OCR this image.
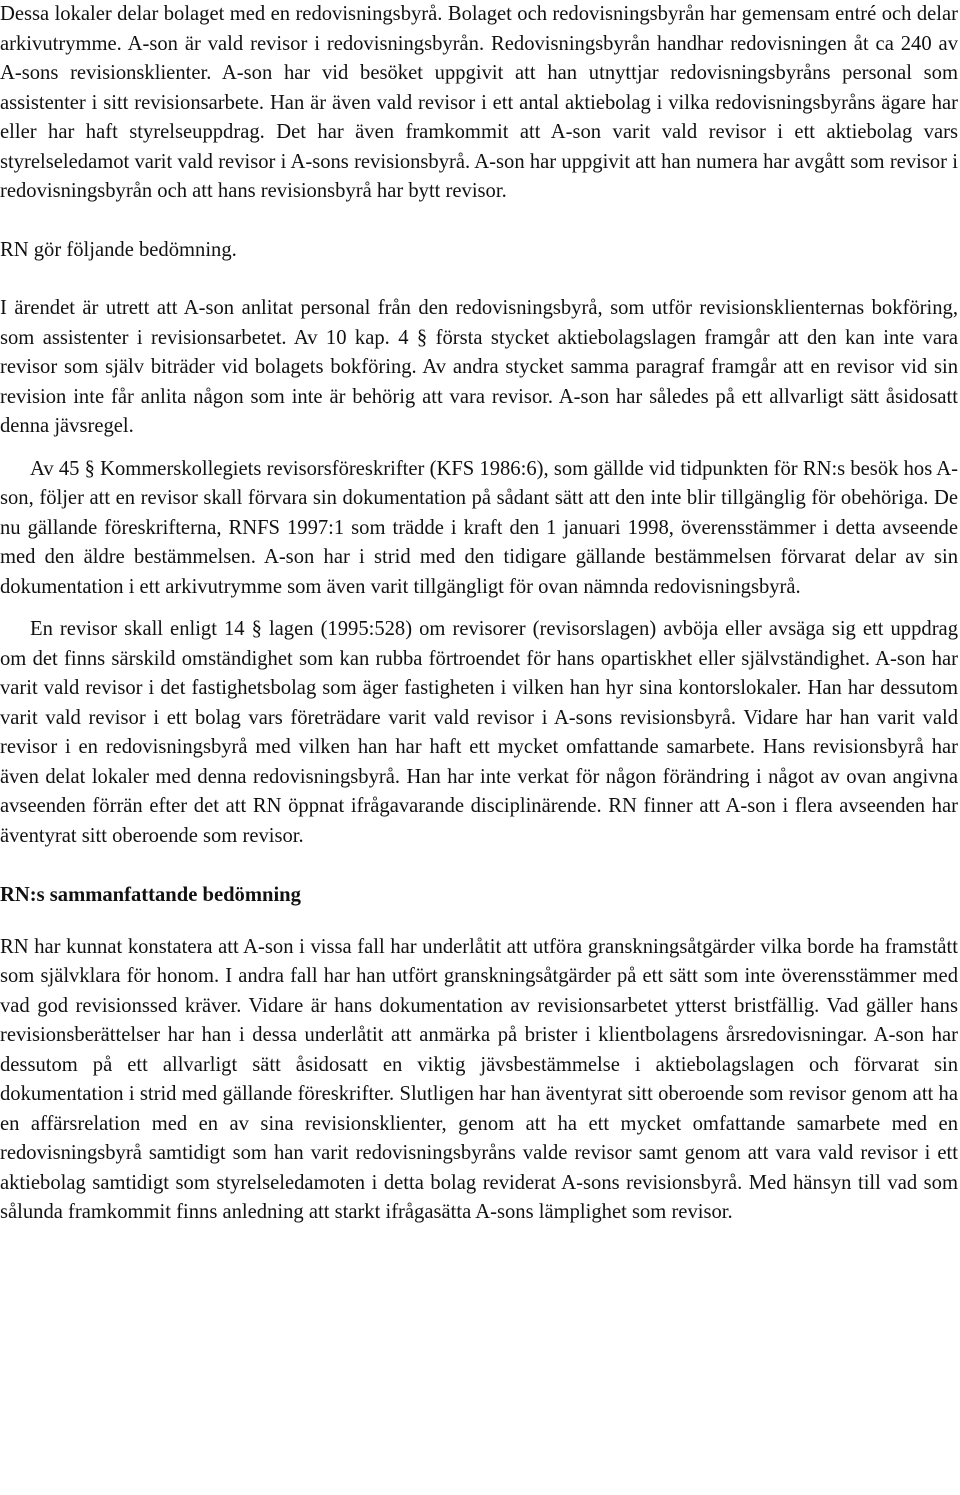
Dessa lokaler delar bolaget med en redovisningsbyrå. Bolaget och redovisningsbyrån har gemensam entré och delar arkivutrymme. A-son är vald revisor i redovisningsbyrån. Redovisningsbyrån handhar redovisningen åt ca 240 av A-sons revisionsklienter. A-son har vid besöket uppgivit att han utnyttjar redovisningsbyråns personal som assistenter i sitt revisionsarbete. Han är även vald revisor i ett antal aktiebolag i vilka redovisningsbyråns ägare har eller har haft styrelseuppdrag. Det har även framkommit att A-son varit vald revisor i ett aktiebolag vars styrelseledamot varit vald revisor i A-sons revisionsbyrå. A-son har uppgivit att han numera har avgått som revisor i redovisningsbyrån och att hans revisionsbyrå har bytt revisor.

RN gör följande bedömning.

I ärendet är utrett att A-son anlitat personal från den redovisningsbyrå, som utför revisionsklienternas bokföring, som assistenter i revisionsarbetet. Av 10 kap. 4 § första stycket aktiebolagslagen framgår att den kan inte vara revisor som själv biträder vid bolagets bokföring. Av andra stycket samma paragraf framgår att en revisor vid sin revision inte får anlita någon som inte är behörig att vara revisor. A-son har således på ett allvarligt sätt åsidosatt denna jävsregel.

Av 45 § Kommerskollegiets revisorsföreskrifter (KFS 1986:6), som gällde vid tidpunkten för RN:s besök hos A-son, följer att en revisor skall förvara sin dokumentation på sådant sätt att den inte blir tillgänglig för obehöriga. De nu gällande föreskrifterna, RNFS 1997:1 som trädde i kraft den 1 januari 1998, överensstämmer i detta avseende med den äldre bestämmelsen. A-son har i strid med den tidigare gällande bestämmelsen förvarat delar av sin dokumentation i ett arkivutrymme som även varit tillgängligt för ovan nämnda redovisningsbyrå.

En revisor skall enligt 14 § lagen (1995:528) om revisorer (revisorslagen) avböja eller avsäga sig ett uppdrag om det finns särskild omständighet som kan rubba förtroendet för hans opartiskhet eller självständighet. A-son har varit vald revisor i det fastighetsbolag som äger fastigheten i vilken han hyr sina kontorslokaler. Han har dessutom varit vald revisor i ett bolag vars företrädare varit vald revisor i A-sons revisionsbyrå. Vidare har han varit vald revisor i en redovisningsbyrå med vilken han har haft ett mycket omfattande samarbete. Hans revisionsbyrå har även delat lokaler med denna redovisningsbyrå. Han har inte verkat för någon förändring i något av ovan angivna avseenden förrän efter det att RN öppnat ifrågavarande disciplinärende. RN finner att A-son i flera avseenden har äventyrat sitt oberoende som revisor.

RN:s sammanfattande bedömning

RN har kunnat konstatera att A-son i vissa fall har underlåtit att utföra granskningsåtgärder vilka borde ha framstått som självklara för honom. I andra fall har han utfört granskningsåtgärder på ett sätt som inte överensstämmer med vad god revisionssed kräver. Vidare är hans dokumentation av revisionsarbetet ytterst bristfällig. Vad gäller hans revisionsberättelser har han i dessa underlåtit att anmärka på brister i klientbolagens årsredovisningar. A-son har dessutom på ett allvarligt sätt åsidosatt en viktig jävsbestämmelse i aktiebolagslagen och förvarat sin dokumentation i strid med gällande föreskrifter. Slutligen har han äventyrat sitt oberoende som revisor genom att ha en affärsrelation med en av sina revisionsklienter, genom att ha ett mycket omfattande samarbete med en redovisningsbyrå samtidigt som han varit redovisningsbyråns valde revisor samt genom att vara vald revisor i ett aktiebolag samtidigt som styrelseledamoten i detta bolag reviderat A-sons revisionsbyrå. Med hänsyn till vad som sålunda framkommit finns anledning att starkt ifrågasätta A-sons lämplighet som revisor.
